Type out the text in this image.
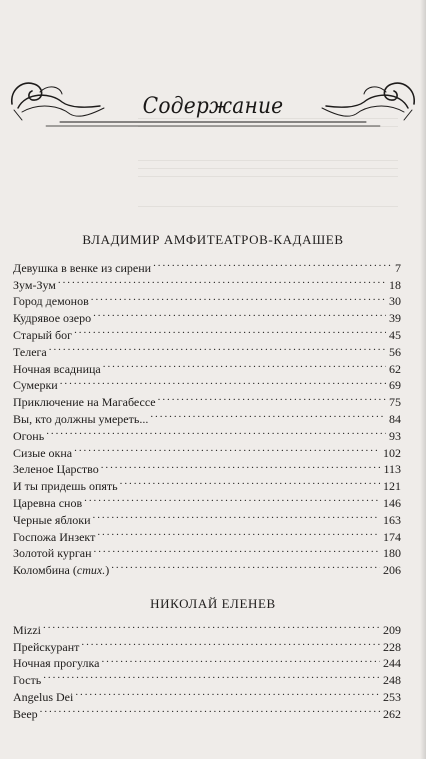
Содержание
ВЛАДИМИР АМФИТЕАТРОВ-КАДАШЕВ
Девушка в венке из сирени . . .	7
Зум-Зум . . .	18
Город демонов . . .	30
Кудрявое озеро . . .	39
Старый бог . . .	45
Телега . . .	56
Ночная всадница . . .	62
Сумерки . . .	69
Приключение на Магабессе . . .	75
Вы, кто должны умереть... . . .	84
Огонь . . .	93
Сизые окна . . .	102
Зеленое Царство . . .	113
И ты придешь опять . . .	121
Царевна снов . . .	146
Черные яблоки . . .	163
Госпожа Инзект . . .	174
Золотой курган . . .	180
Коломбина (стих.) . . .	206
НИКОЛАЙ ЕЛЕНЕВ
Mizzi . . .	209
Прейскурант . . .	228
Ночная прогулка . . .	244
Гость . . .	248
Angelus Dei . . .	253
Веер . . .	262
